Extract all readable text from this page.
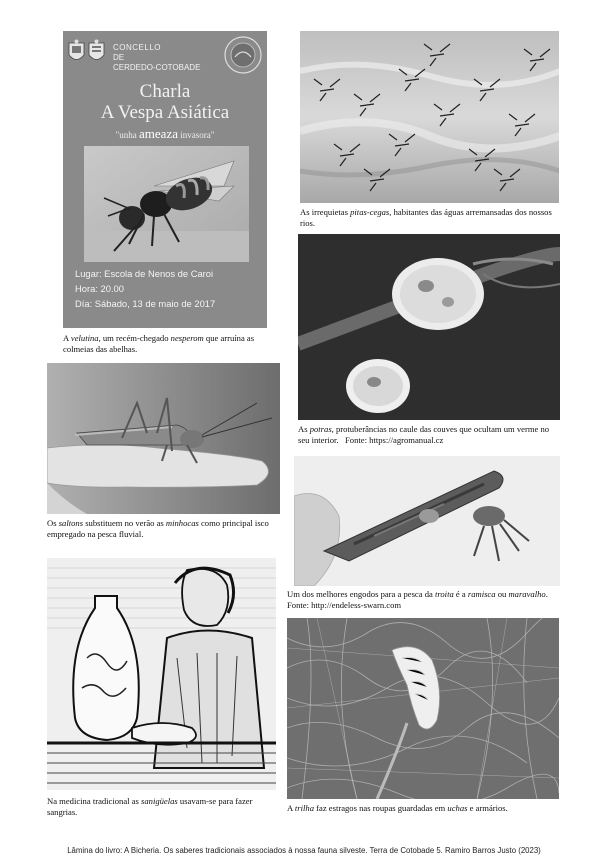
CONCELLO
DE
CERDEDO-COTOBADE
Charla
A Vespa Asiática
"unha ameaza invasora"
Lugar: Escola de Nenos de Caroi
Hora: 20.00
Día: Sábado, 13 de maio de 2017
A velutina, um recém-chegado nesperom que arruína as colmeias das abelhas.
As irrequietas pitas-cegas, habitantes das águas arremansadas dos nossos rios.
As potras, protuberâncias no caule das couves que ocultam um verme no seu interior. Fonte: https://agromanual.cz
Os saltons substituem no verão as minhocas como principal isco empregado na pesca fluvial.
Um dos melhores engodos para a pesca da troita é a ramisca ou maravalho.
Fonte: http://endeless-swarn.com
Na medicina tradicional as sanigüelas usavam-se para fazer sangrias.	A trilha faz estragos nas roupas guardadas em uchas e armários.
Lâmina do livro: A Bicheria. Os saberes tradicionais associados à nossa fauna silveste. Terra de Cotobade 5. Ramiro Barros Justo (2023)
